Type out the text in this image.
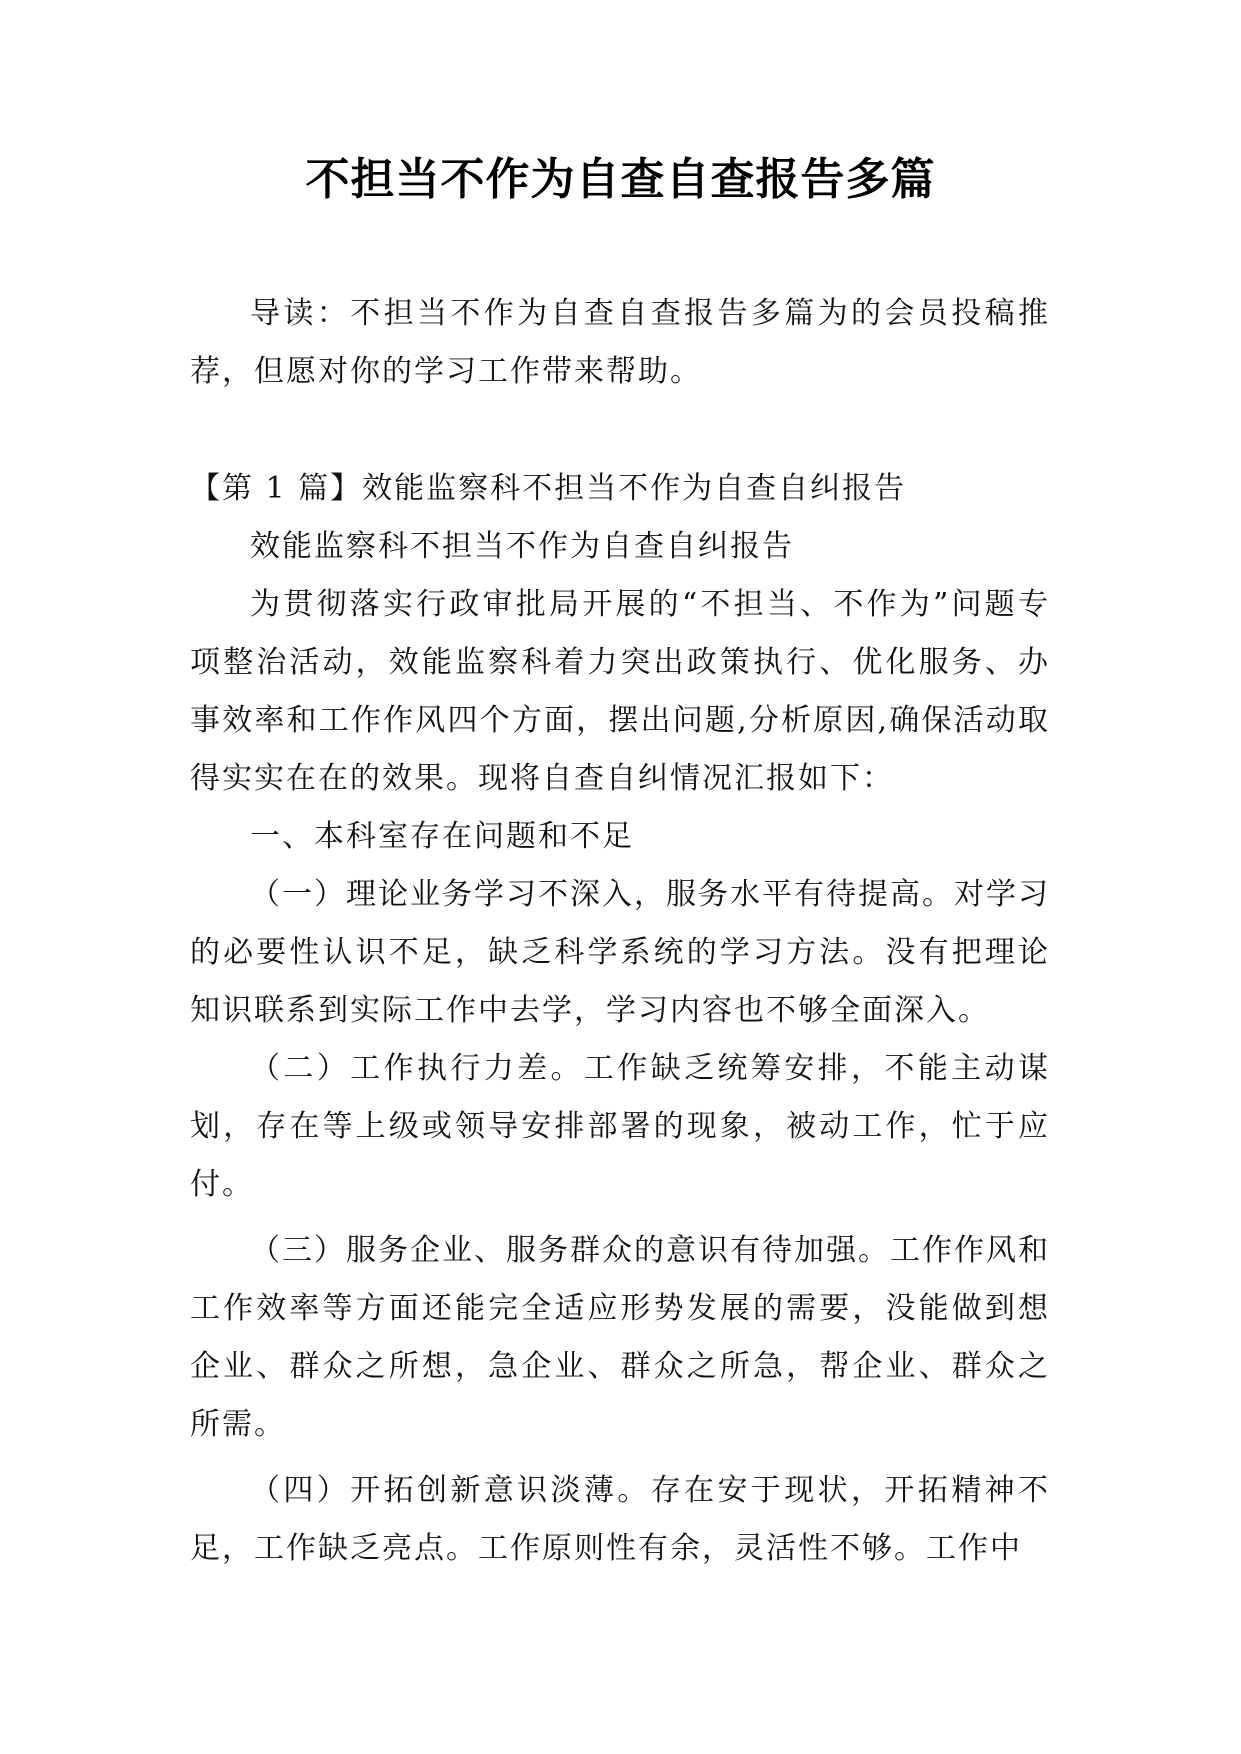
不担当不作为自查自查报告多篇

导读：不担当不作为自查自查报告多篇为的会员投稿推荐，但愿对你的学习工作带来帮助。

【第 1 篇】效能监察科不担当不作为自查自纠报告

效能监察科不担当不作为自查自纠报告

为贯彻落实行政审批局开展的“不担当、不作为”问题专项整治活动，效能监察科着力突出政策执行、优化服务、办事效率和工作作风四个方面，摆出问题,分析原因,确保活动取得实实在在的效果。现将自查自纠情况汇报如下：

一、本科室存在问题和不足

（一）理论业务学习不深入，服务水平有待提高。对学习的必要性认识不足，缺乏科学系统的学习方法。没有把理论知识联系到实际工作中去学，学习内容也不够全面深入。

（二）工作执行力差。工作缺乏统筹安排，不能主动谋划，存在等上级或领导安排部署的现象，被动工作，忙于应付。

（三）服务企业、服务群众的意识有待加强。工作作风和工作效率等方面还能完全适应形势发展的需要，没能做到想企业、群众之所想，急企业、群众之所急，帮企业、群众之所需。

（四）开拓创新意识淡薄。存在安于现状，开拓精神不足，工作缺乏亮点。工作原则性有余，灵活性不够。工作中
